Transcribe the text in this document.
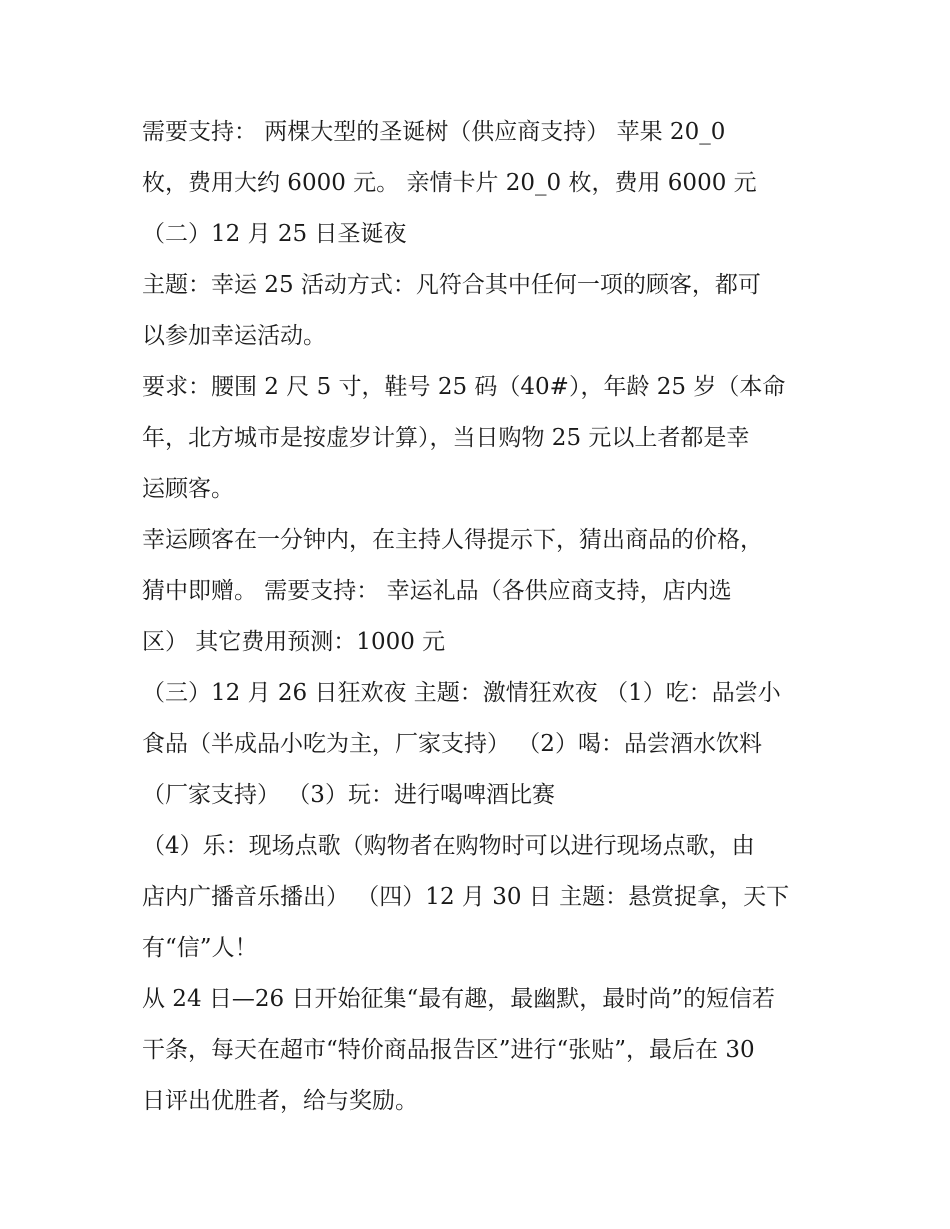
需要支持： 两棵大型的圣诞树（供应商支持） 苹果 20_0
枚，费用大约 6000 元。 亲情卡片 20_0 枚，费用 6000 元
（二）12 月 25 日圣诞夜
主题：幸运 25 活动方式：凡符合其中任何一项的顾客，都可
以参加幸运活动。
要求：腰围 2 尺 5 寸，鞋号 25 码（40#），年龄 25 岁（本命
年，北方城市是按虚岁计算），当日购物 25 元以上者都是幸
运顾客。
幸运顾客在一分钟内，在主持人得提示下，猜出商品的价格，
猜中即赠。 需要支持： 幸运礼品（各供应商支持，店内选
区） 其它费用预测：1000 元
（三）12 月 26 日狂欢夜 主题：激情狂欢夜 （1）吃：品尝小
食品（半成品小吃为主，厂家支持） （2）喝：品尝酒水饮料
（厂家支持） （3）玩：进行喝啤酒比赛
（4）乐：现场点歌（购物者在购物时可以进行现场点歌，由
店内广播音乐播出） （四）12 月 30 日 主题：悬赏捉拿，天下
有“信”人！
从 24 日—26 日开始征集“最有趣，最幽默，最时尚”的短信若
干条，每天在超市“特价商品报告区”进行“张贴”，最后在 30
日评出优胜者，给与奖励。
